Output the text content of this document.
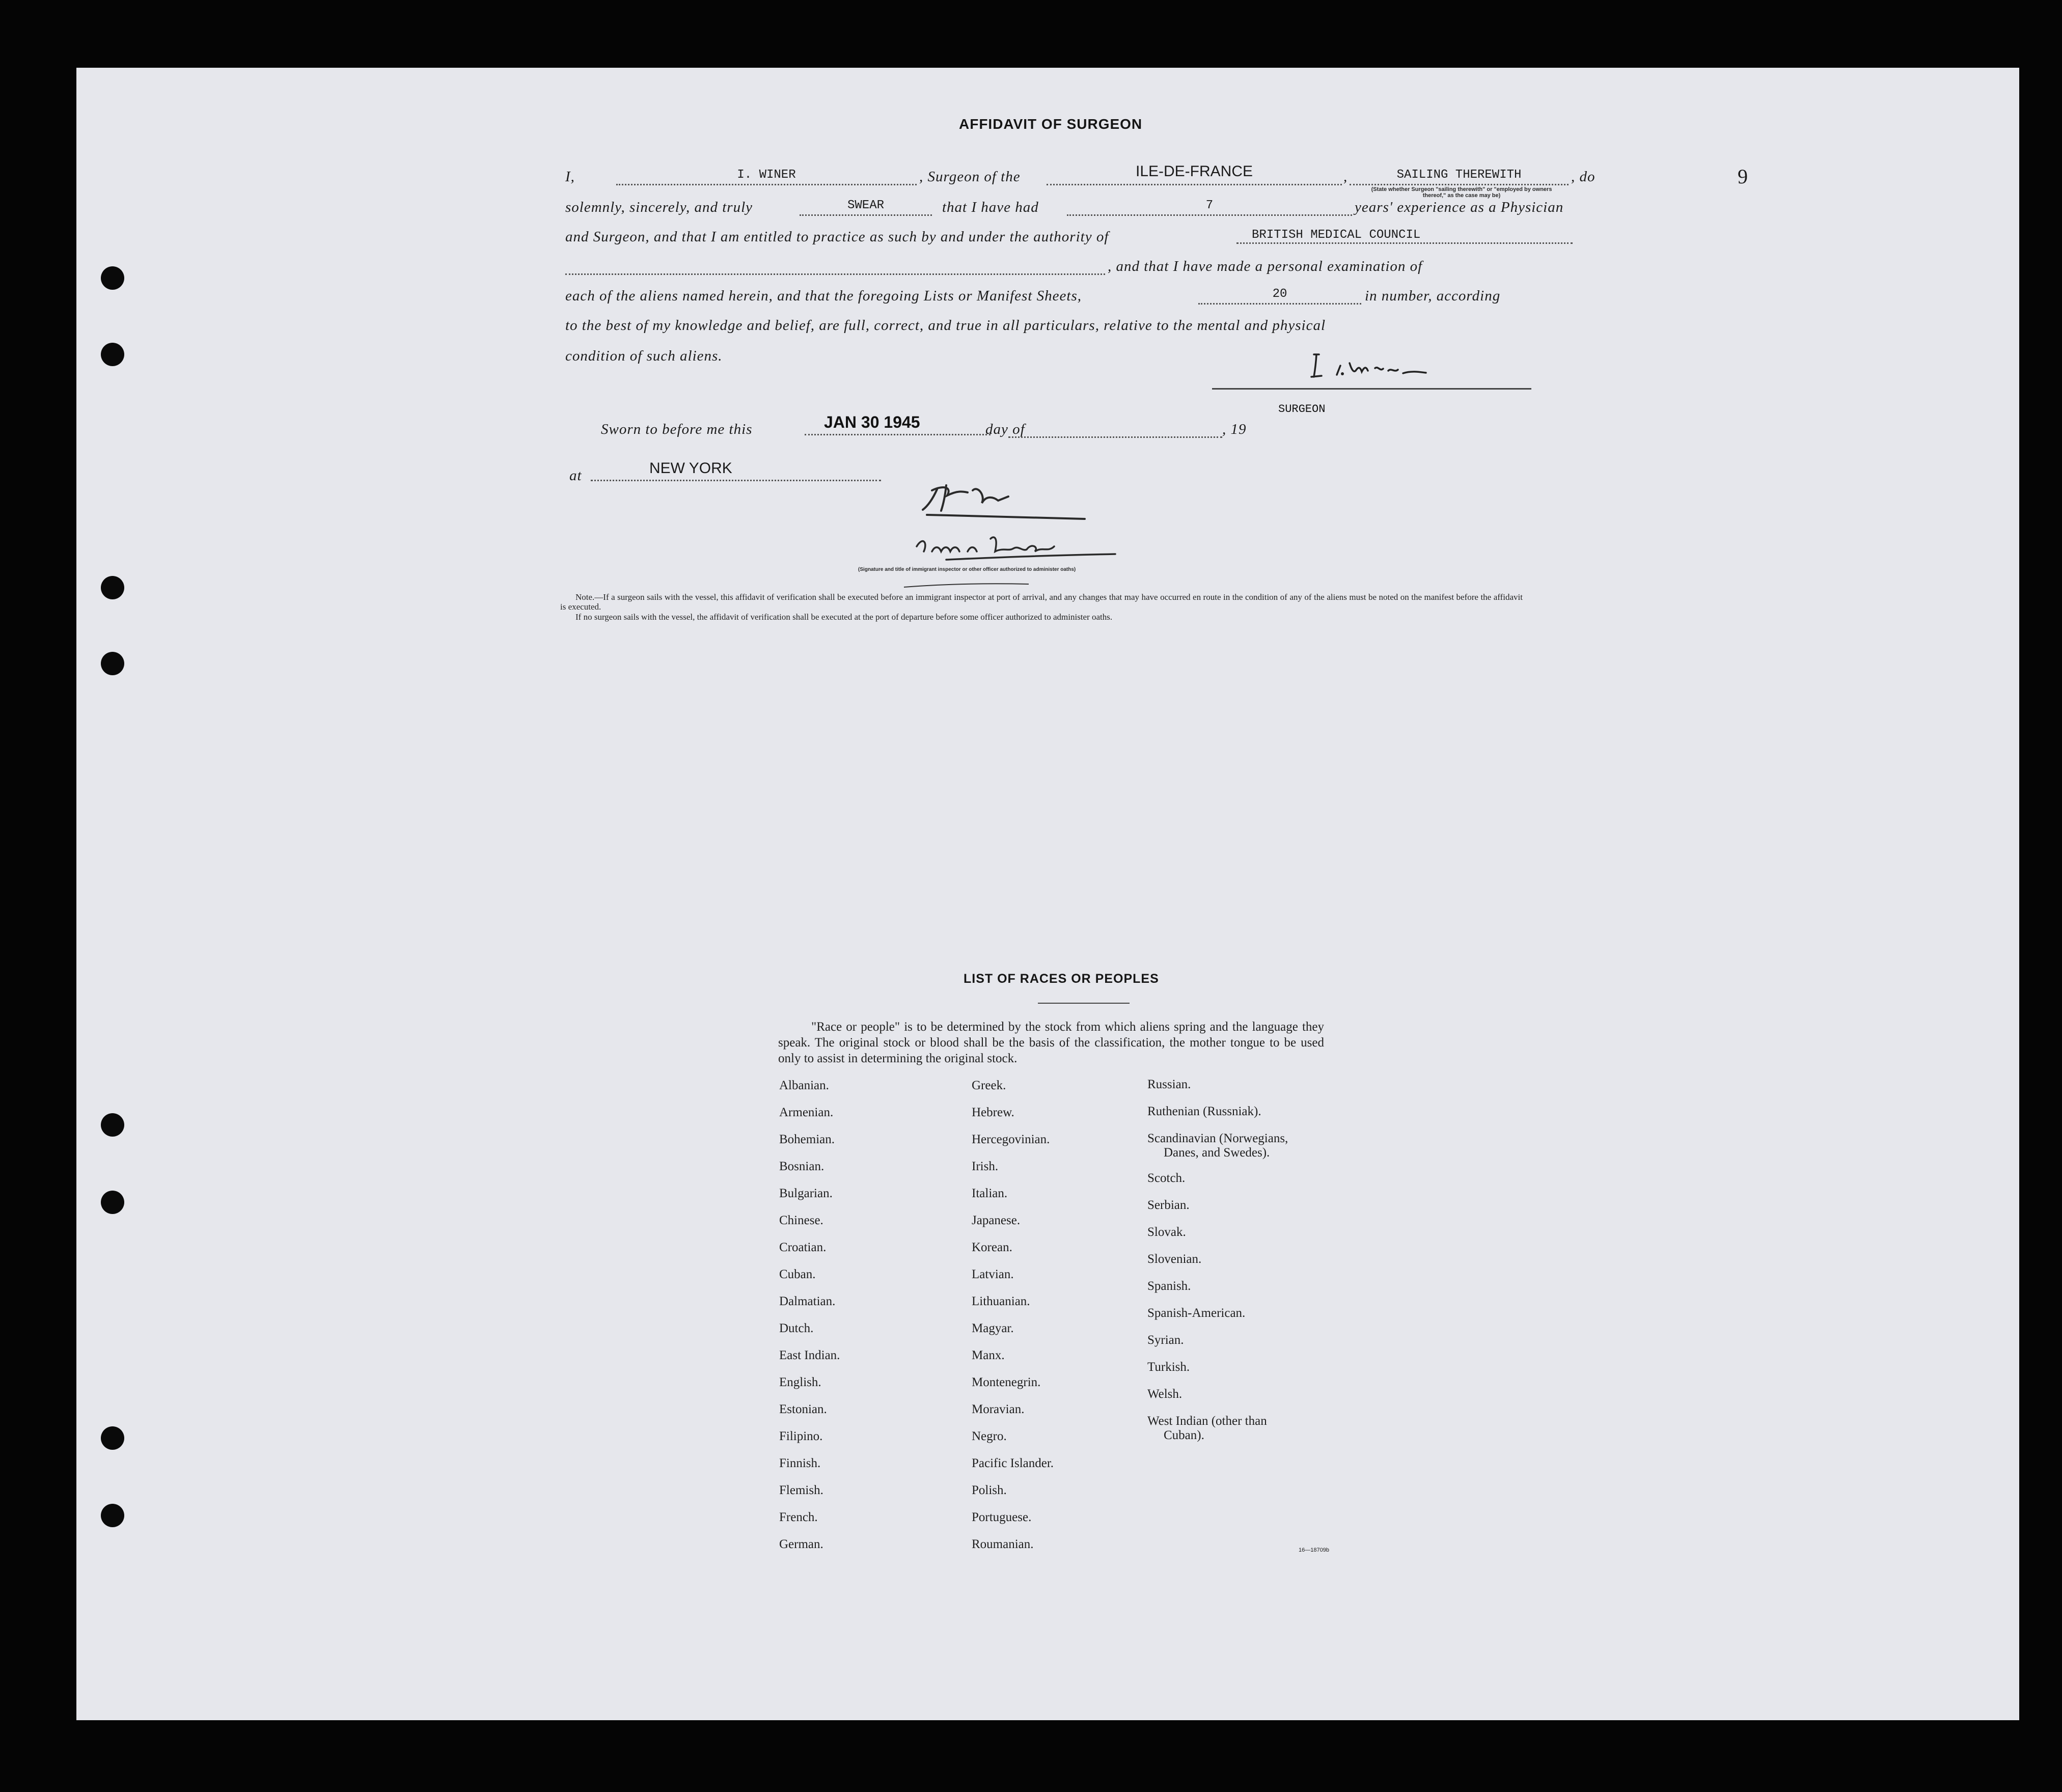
9
AFFIDAVIT OF SURGEON
I,	I. WINER	, Surgeon of the	ILE-DE-FRANCE	,	SAILING THEREWITH	, do
(State whether Surgeon "sailing therewith" or "employed by owners thereof," as the case may be)
solemnly, sincerely, and truly	SWEAR	that I have had	7	years' experience as a Physician
and Surgeon, and that I am entitled to practice as such by and under the authority of	BRITISH MEDICAL COUNCIL
, and that I have made a personal examination of
each of the aliens named herein, and that the foregoing Lists or Manifest Sheets,	20	in number, according
to the best of my knowledge and belief, are full, correct, and true in all particulars, relative to the mental and physical
condition of such aliens.
SURGEON
Sworn to before me this	JAN 30 1945	day of	, 19
at	NEW YORK
(Signature and title of immigrant inspector or other officer authorized to administer oaths)
Note.—If a surgeon sails with the vessel, this affidavit of verification shall be executed before an immigrant inspector at port of arrival, and any changes that may have occurred en route in the condition of any of the aliens must be noted on the manifest before the affidavit is executed.
If no surgeon sails with the vessel, the affidavit of verification shall be executed at the port of departure before some officer authorized to administer oaths.
LIST OF RACES OR PEOPLES
"Race or people" is to be determined by the stock from which aliens spring and the language they speak. The original stock or blood shall be the basis of the classification, the mother tongue to be used only to assist in determining the original stock.
Albanian.
Armenian.
Bohemian.
Bosnian.
Bulgarian.
Chinese.
Croatian.
Cuban.
Dalmatian.
Dutch.
East Indian.
English.
Estonian.
Filipino.
Finnish.
Flemish.
French.
German.
Greek.
Hebrew.
Hercegovinian.
Irish.
Italian.
Japanese.
Korean.
Latvian.
Lithuanian.
Magyar.
Manx.
Montenegrin.
Moravian.
Negro.
Pacific Islander.
Polish.
Portuguese.
Roumanian.
Russian.
Ruthenian (Russniak).
Scandinavian (Norwegians,
Danes, and Swedes).
Scotch.
Serbian.
Slovak.
Slovenian.
Spanish.
Spanish-American.
Syrian.
Turkish.
Welsh.
West Indian (other than
Cuban).
16—18709b
